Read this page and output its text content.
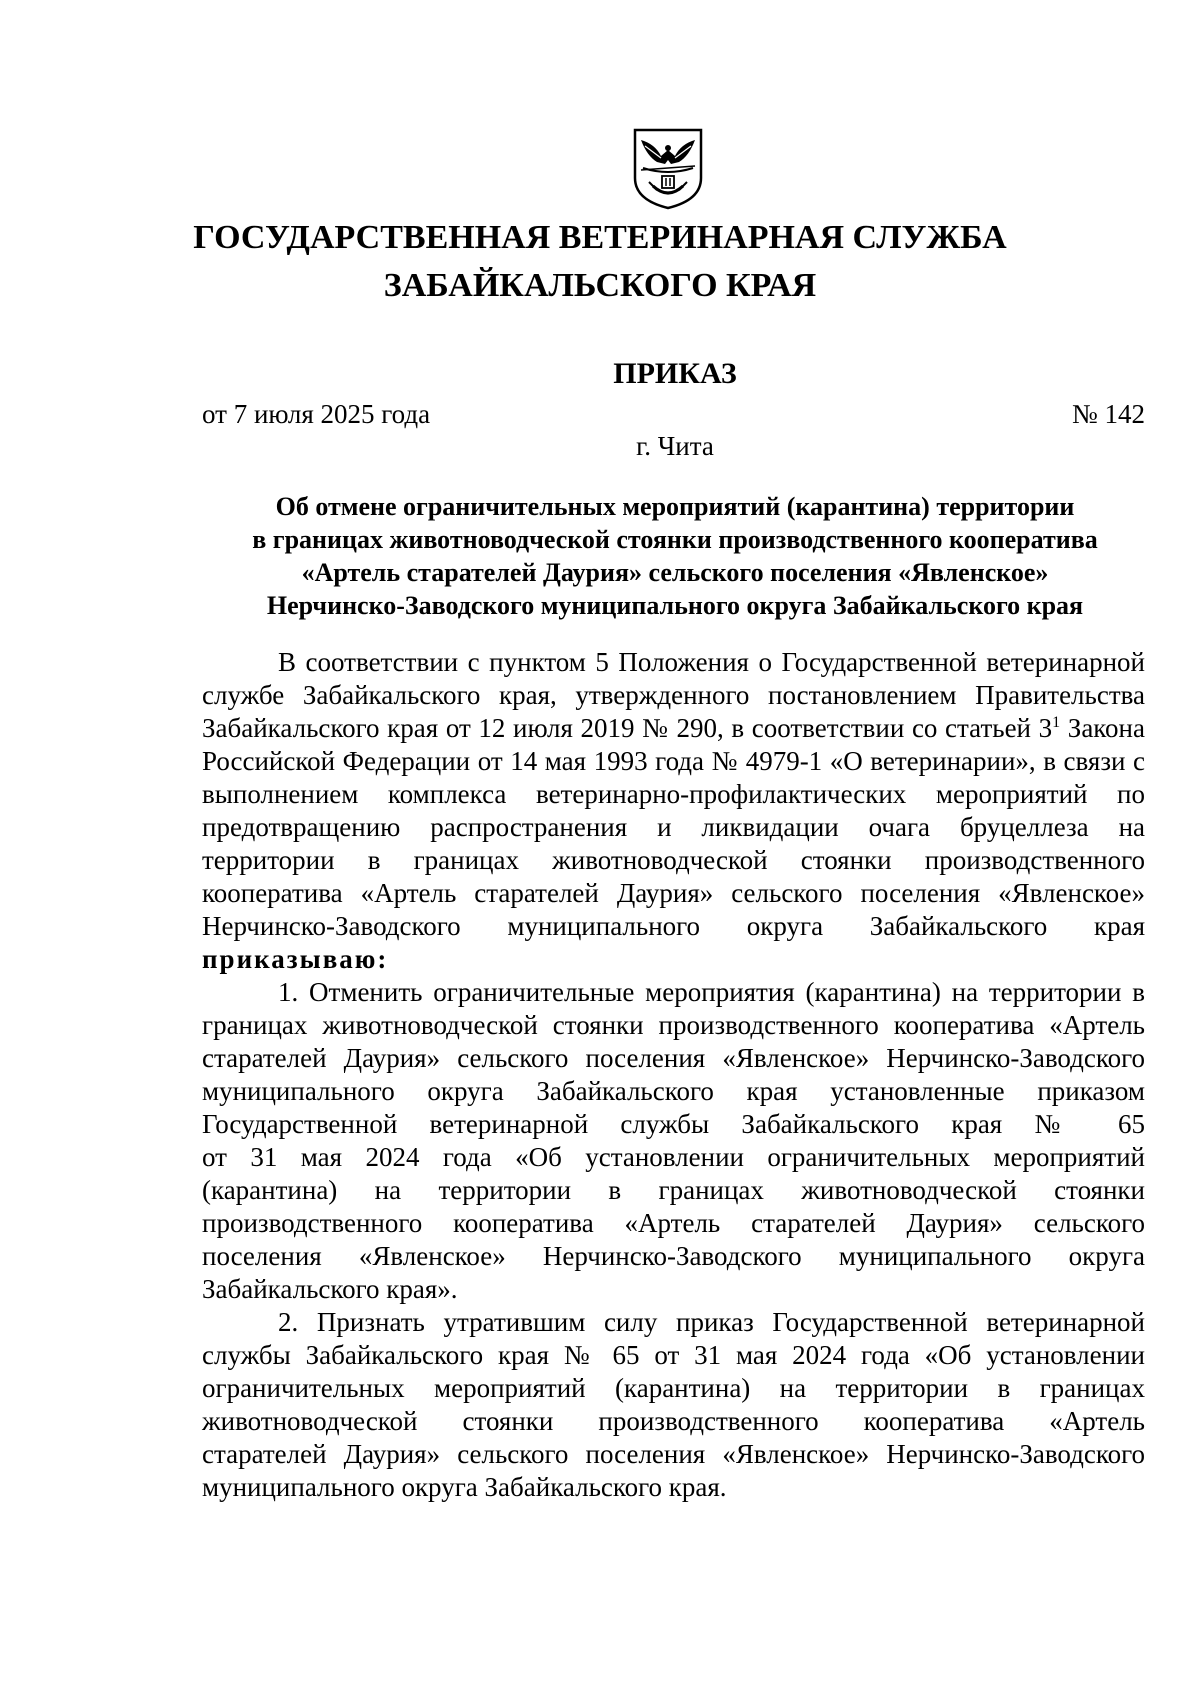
ГОСУДАРСТВЕННАЯ ВЕТЕРИНАРНАЯ СЛУЖБА
ЗАБАЙКАЛЬСКОГО КРАЯ
ПРИКАЗ
от 7 июля 2025 года	№ 142
г. Чита
Об отмене ограничительных мероприятий (карантина) территории
в границах животноводческой стоянки производственного кооператива
«Артель старателей Даурия» сельского поселения «Явленское»
Нерчинско-Заводского муниципального округа Забайкальского края
В соответствии с пунктом 5 Положения о Государственной ветеринарной
службе Забайкальского края, утвержденного постановлением Правительства
Забайкальского края от 12 июля 2019 № 290, в соответствии со статьей $3^1$ Закона
Российской Федерации от 14 мая 1993 года № 4979-1 «О ветеринарии», в связи с
выполнением комплекса ветеринарно-профилактических мероприятий по
предотвращению распространения и ликвидации очага бруцеллеза на
территории в границах животноводческой стоянки производственного
кооператива «Артель старателей Даурия» сельского поселения «Явленское»
Нерчинско-Заводского муниципального округа Забайкальского края
приказываю:
1. Отменить ограничительные мероприятия (карантина) на территории в
границах животноводческой стоянки производственного кооператива «Артель
старателей Даурия» сельского поселения «Явленское» Нерчинско-Заводского
муниципального округа Забайкальского края установленные приказом
Государственной ветеринарной службы Забайкальского края № 65
от 31 мая 2024 года «Об установлении ограничительных мероприятий
(карантина) на территории в границах животноводческой стоянки
производственного кооператива «Артель старателей Даурия» сельского
поселения «Явленское» Нерчинско-Заводского муниципального округа
Забайкальского края».
2. Признать утратившим силу приказ Государственной ветеринарной
службы Забайкальского края № 65 от 31 мая 2024 года «Об установлении
ограничительных мероприятий (карантина) на территории в границах
животноводческой стоянки производственного кооператива «Артель
старателей Даурия» сельского поселения «Явленское» Нерчинско-Заводского
муниципального округа Забайкальского края.
